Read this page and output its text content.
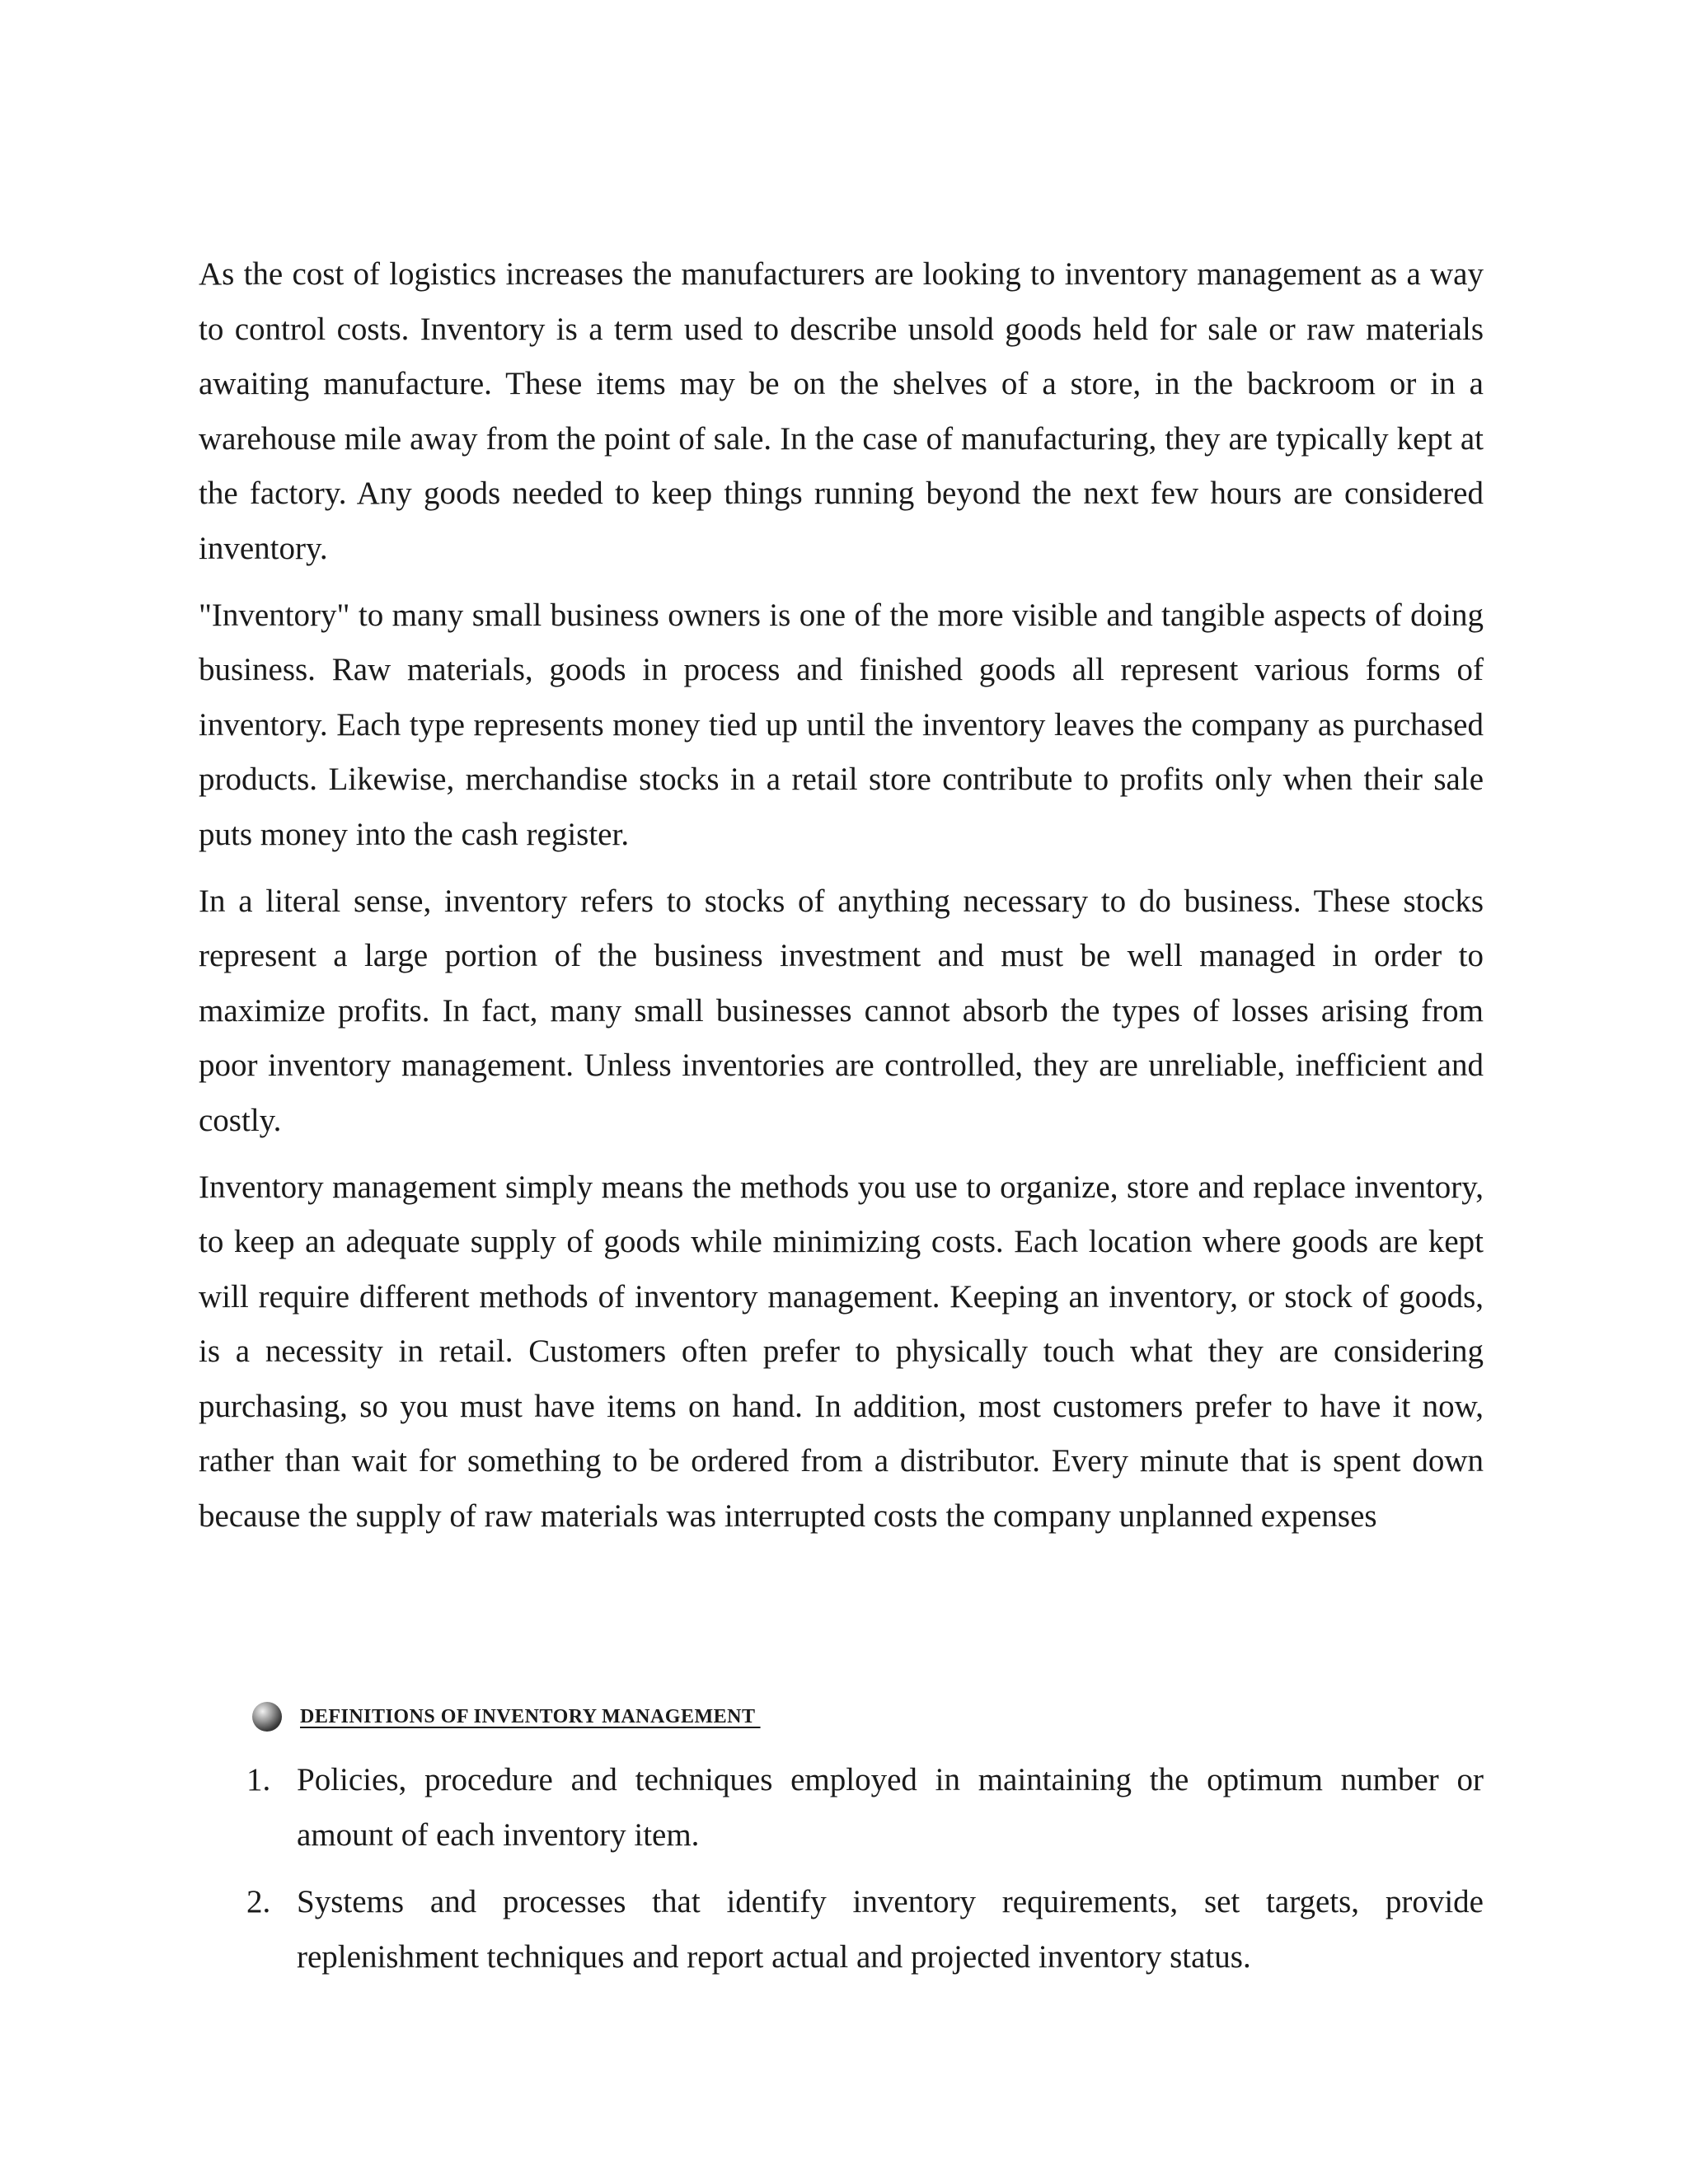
As the cost of logistics increases the manufacturers are looking to inventory management as a way to control costs. Inventory is a term used to describe unsold goods held for sale or raw materials awaiting manufacture. These items may be on the shelves of a store, in the backroom or in a warehouse mile away from the point of sale. In the case of manufacturing, they are typically kept at the factory. Any goods needed to keep things running beyond the next few hours are considered inventory.

"Inventory" to many small business owners is one of the more visible and tangible aspects of doing business. Raw materials, goods in process and finished goods all represent various forms of inventory. Each type represents money tied up until the inventory leaves the company as purchased products. Likewise, merchandise stocks in a retail store contribute to profits only when their sale puts money into the cash register.

In a literal sense, inventory refers to stocks of anything necessary to do business. These stocks represent a large portion of the business investment and must be well managed in order to maximize profits. In fact, many small businesses cannot absorb the types of losses arising from poor inventory management. Unless inventories are controlled, they are unreliable, inefficient and costly.

Inventory management simply means the methods you use to organize, store and replace inventory, to keep an adequate supply of goods while minimizing costs. Each location where goods are kept will require different methods of inventory management. Keeping an inventory, or stock of goods, is a necessity in retail. Customers often prefer to physically touch what they are considering purchasing, so you must have items on hand. In addition, most customers prefer to have it now, rather than wait for something to be ordered from a distributor. Every minute that is spent down because the supply of raw materials was interrupted costs the company unplanned expenses

DEFINITIONS OF INVENTORY MANAGEMENT
1. Policies, procedure and techniques employed in maintaining the optimum number or amount of each inventory item.
2. Systems and processes that identify inventory requirements, set targets, provide replenishment techniques and report actual and projected inventory status.
